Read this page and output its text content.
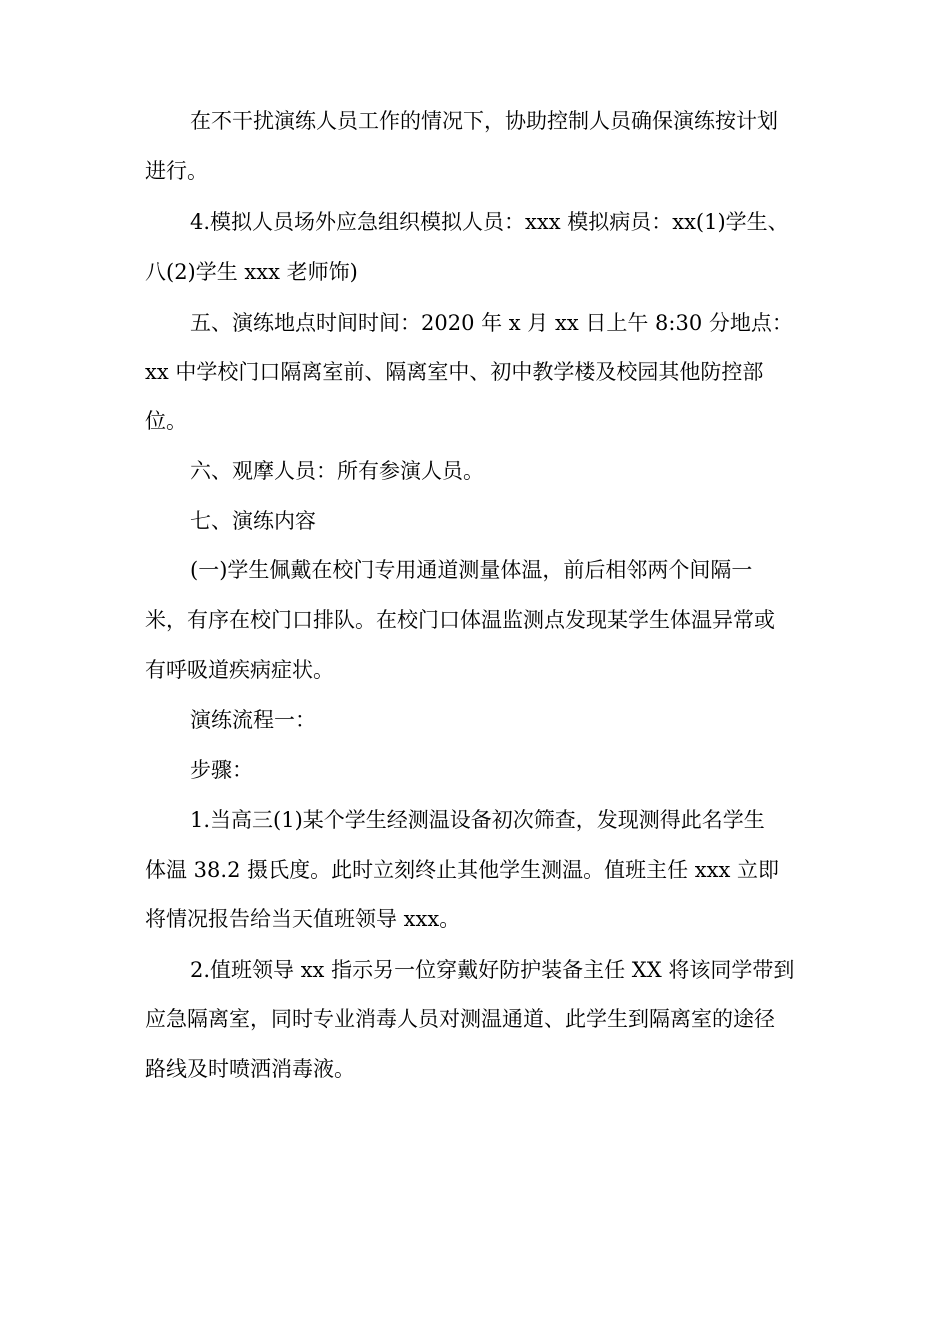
在不干扰演练人员工作的情况下，协助控制人员确保演练按计划
进行。
4.模拟人员场外应急组织模拟人员：xxx 模拟病员：xx(1)学生、
八(2)学生 xxx 老师饰)
五、演练地点时间时间：2020 年 x 月 xx 日上午 8:30 分地点：
xx 中学校门口隔离室前、隔离室中、初中教学楼及校园其他防控部
位。
六、观摩人员：所有参演人员。
七、演练内容
(一)学生佩戴在校门专用通道测量体温，前后相邻两个间隔一
米，有序在校门口排队。在校门口体温监测点发现某学生体温异常或
有呼吸道疾病症状。
演练流程一：
步骤：
1.当高三(1)某个学生经测温设备初次筛查，发现测得此名学生
体温 38.2 摄氏度。此时立刻终止其他学生测温。值班主任 xxx 立即
将情况报告给当天值班领导 xxx。
2.值班领导 xx 指示另一位穿戴好防护装备主任 XX 将该同学带到
应急隔离室，同时专业消毒人员对测温通道、此学生到隔离室的途径
路线及时喷洒消毒液。
